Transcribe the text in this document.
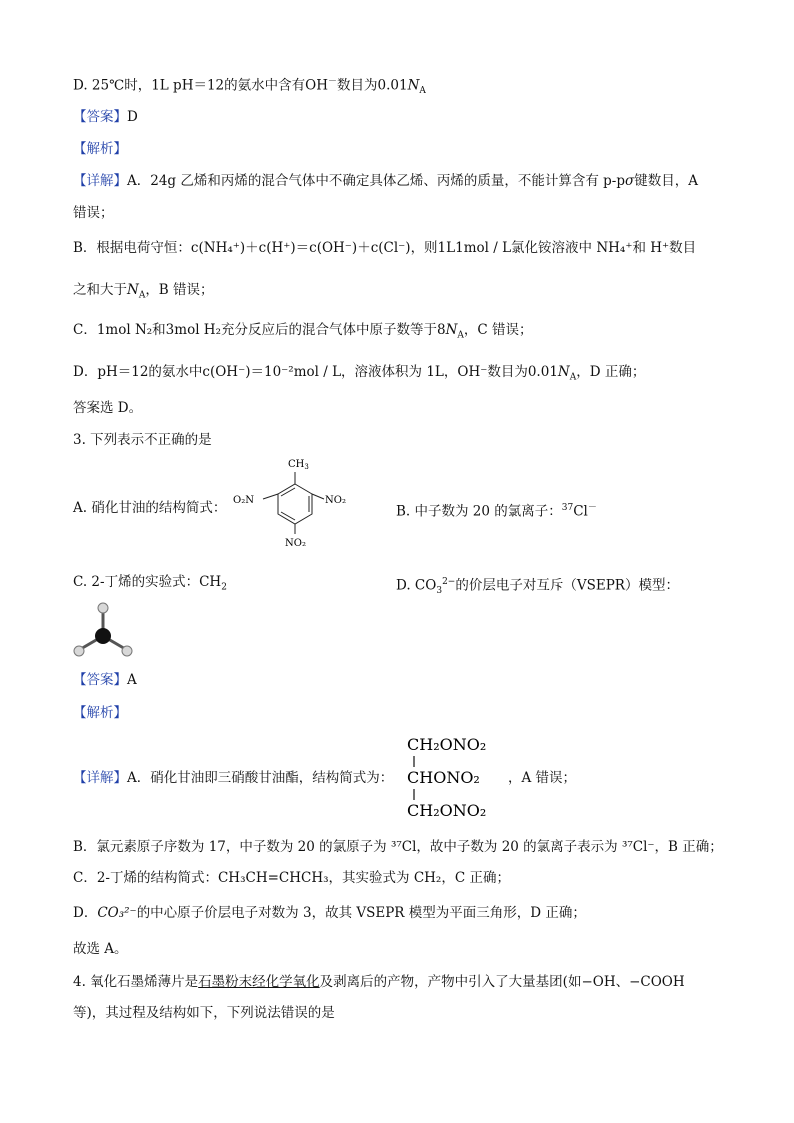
D. 25℃时，1L pH＝12的氨水中含有OH－数目为$0.01N_A$
【答案】D
【解析】
【详解】A．24g 乙烯和丙烯的混合气体中不确定具体乙烯、丙烯的质量，不能计算含有 p-pσ键数目，A
错误；
B．根据电荷守恒：c(NH₄⁺)＋c(H⁺)＝c(OH⁻)＋c(Cl⁻)，则1L1mol / L氯化铵溶液中 NH₄⁺和 H⁺数目
之和大于$N_A$，B 错误；
C．1mol N₂和3mol H₂充分反应后的混合气体中原子数等于$8N_A$，C 错误；
D．pH＝12的氨水中c(OH⁻)＝10⁻²mol / L，溶液体积为 1L，OH⁻数目为$0.01N_A$，D 正确；
答案选 D。
3. 下列表示不正确的是
A. 硝化甘油的结构简式：
$CH_3$
O₂N	NO₂
NO₂
B. 中子数为 20 的氯离子：$^{37}$Cl－
C. 2-丁烯的实验式：$CH_2$	D. $CO_3^{2-}$的价层电子对互斥（VSEPR）模型：
【答案】A
【解析】
【详解】A．硝化甘油即三硝酸甘油酯，结构简式为：
CH₂ONO₂
CHONO₂
CH₂ONO₂
，A 错误；
B．氯元素原子序数为 17，中子数为 20 的氯原子为 ³⁷Cl，故中子数为 20 的氯离子表示为 ³⁷Cl⁻，B 正确；
C．2-丁烯的结构简式：CH₃CH=CHCH₃，其实验式为 CH₂，C 正确；
D．CO₃²⁻的中心原子价层电子对数为 3，故其 VSEPR 模型为平面三角形，D 正确；
故选 A。
4. 氧化石墨烯薄片是石墨粉末经化学氧化及剥离后的产物，产物中引入了大量基团(如−OH、−COOH
等)，其过程及结构如下，下列说法错误的是
